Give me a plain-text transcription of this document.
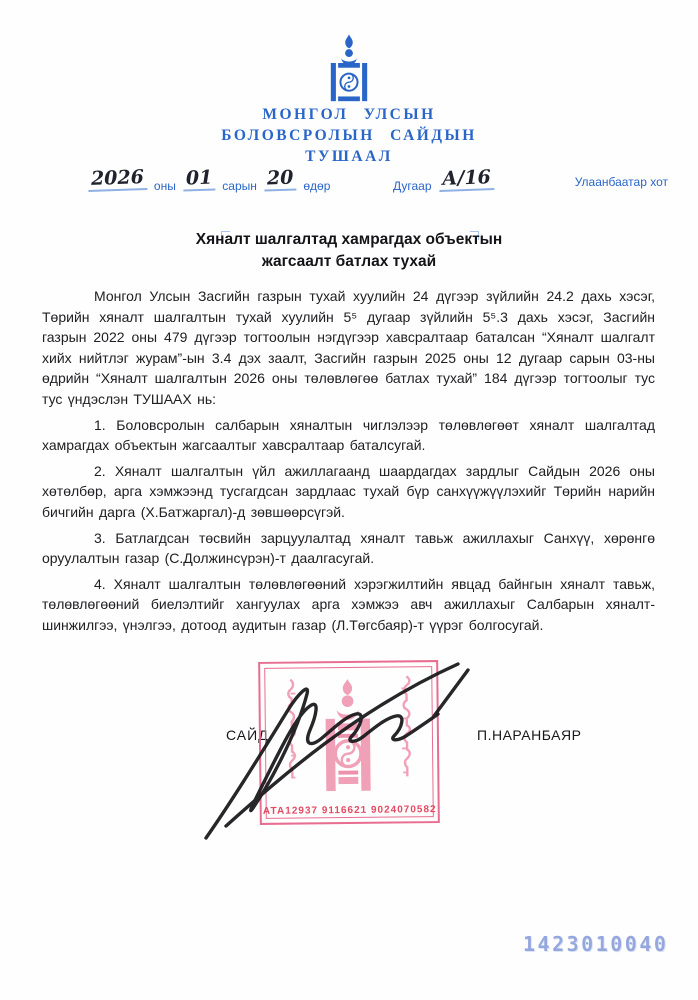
МОНГОЛ УЛСЫН
БОЛОВСРОЛЫН САЙДЫН
ТУШААЛ
2026 оны 01 сарын 20 өдөр	Дугаар А/16	Улаанбаатар хот
Хяналт шалгалтад хамрагдах объектын
жагсаалт батлах тухай

Монгол Улсын Засгийн газрын тухай хуулийн 24 дүгээр зүйлийн 24.2 дахь хэсэг, Төрийн хяналт шалгалтын тухай хуулийн 5⁵ дугаар зүйлийн 5⁵.3 дахь хэсэг, Засгийн газрын 2022 оны 479 дүгээр тогтоолын нэгдүгээр хавсралтаар баталсан “Хяналт шалгалт хийх нийтлэг журам”-ын 3.4 дэх заалт, Засгийн газрын 2025 оны 12 дугаар сарын 03-ны өдрийн “Хяналт шалгалтын 2026 оны төлөвлөгөө батлах тухай” 184 дүгээр тогтоолыг тус тус үндэслэн ТУШААХ нь:

1. Боловсролын салбарын хяналтын чиглэлээр төлөвлөгөөт хяналт шалгалтад хамрагдах объектын жагсаалтыг хавсралтаар баталсугай.

2. Хяналт шалгалтын үйл ажиллагаанд шаардагдах зардлыг Сайдын 2026 оны хөтөлбөр, арга хэмжээнд тусгагдсан зардлаас тухай бүр санхүүжүүлэхийг Төрийн нарийн бичгийн дарга (Х.Батжаргал)-д зөвшөөрсүгэй.

3. Батлагдсан төсвийн зарцуулалтад хяналт тавьж ажиллахыг Санхүү, хөрөнгө оруулалтын газар (С.Должинсүрэн)-т даалгасугай.

4. Хяналт шалгалтын төлөвлөгөөний хэрэгжилтийн явцад байнгын хяналт тавьж, төлөвлөгөөний биелэлтийг хангуулах арга хэмжээ авч ажиллахыг Салбарын хяналт-шинжилгээ, үнэлгээ, дотоод аудитын газар (Л.Төгсбаяр)-т үүрэг болгосугай.

САЙД	П.НАРАНБАЯР
АТА12937 9116621 9024070582
1423010040
